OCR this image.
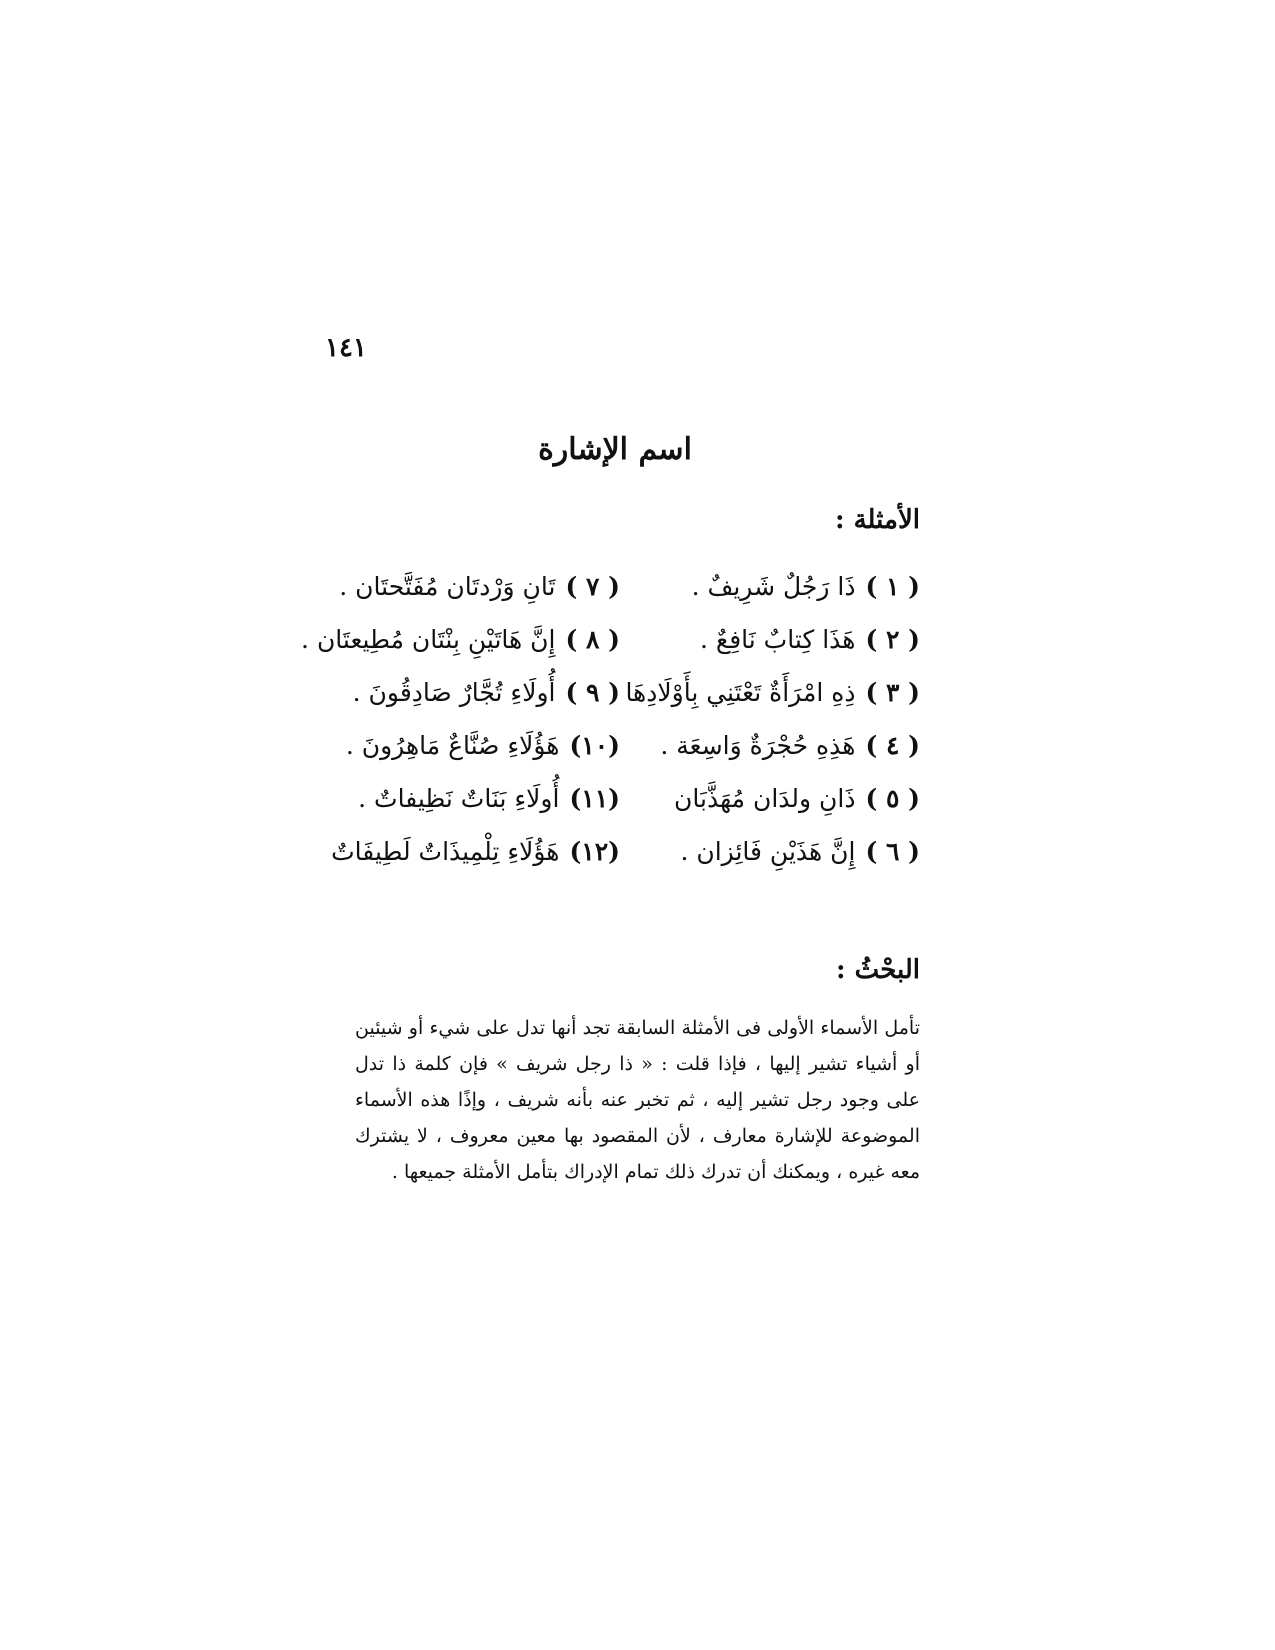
١٤١
اسم الإشارة
الأمثلة :
( ١ )ذَا رَجُلٌ شَرِيفٌ .
( ٢ )هَذَا كِتابٌ نَافِعٌ .
( ٣ )ذِهِ امْرَأَةٌ تَعْتَنِي بِأَوْلَادِهَا
( ٤ )هَذِهِ حُجْرَةٌ وَاسِعَة .
( ٥ )ذَانِ ولدَان مُهَذَّبَان
( ٦ )إِنَّ هَذَيْنِ فَائِزان .
( ٧ )تَانِ وَرْدتَان مُفَتَّحتَان .
( ٨ )إِنَّ هَاتَيْنِ بِنْتَان مُطِيعتَان .
( ٩ )أُولَاءِ تُجَّارٌ صَادِقُونَ .
(١٠)هَؤُلَاءِ صُنَّاعٌ مَاهِرُونَ .
(١١)أُولَاءِ بَنَاتٌ نَظِيفاتٌ .
(١٢)هَؤُلَاءِ تِلْمِيذَاتٌ لَطِيفَاتٌ
البحْثُ :
تأمل الأسماء الأولى فى الأمثلة السابقة تجد أنها تدل على شيء أو شيئين أو أشياء تشير إليها ، فإذا قلت : « ذا رجل شريف » فإن كلمة ذا تدل على وجود رجل تشير إليه ، ثم تخبر عنه بأنه شريف ، وإذًا هذه الأسماء الموضوعة للإشارة معارف ، لأن المقصود بها معين معروف ، لا يشترك معه غيره ، ويمكنك أن تدرك ذلك تمام الإدراك بتأمل الأمثلة جميعها .
